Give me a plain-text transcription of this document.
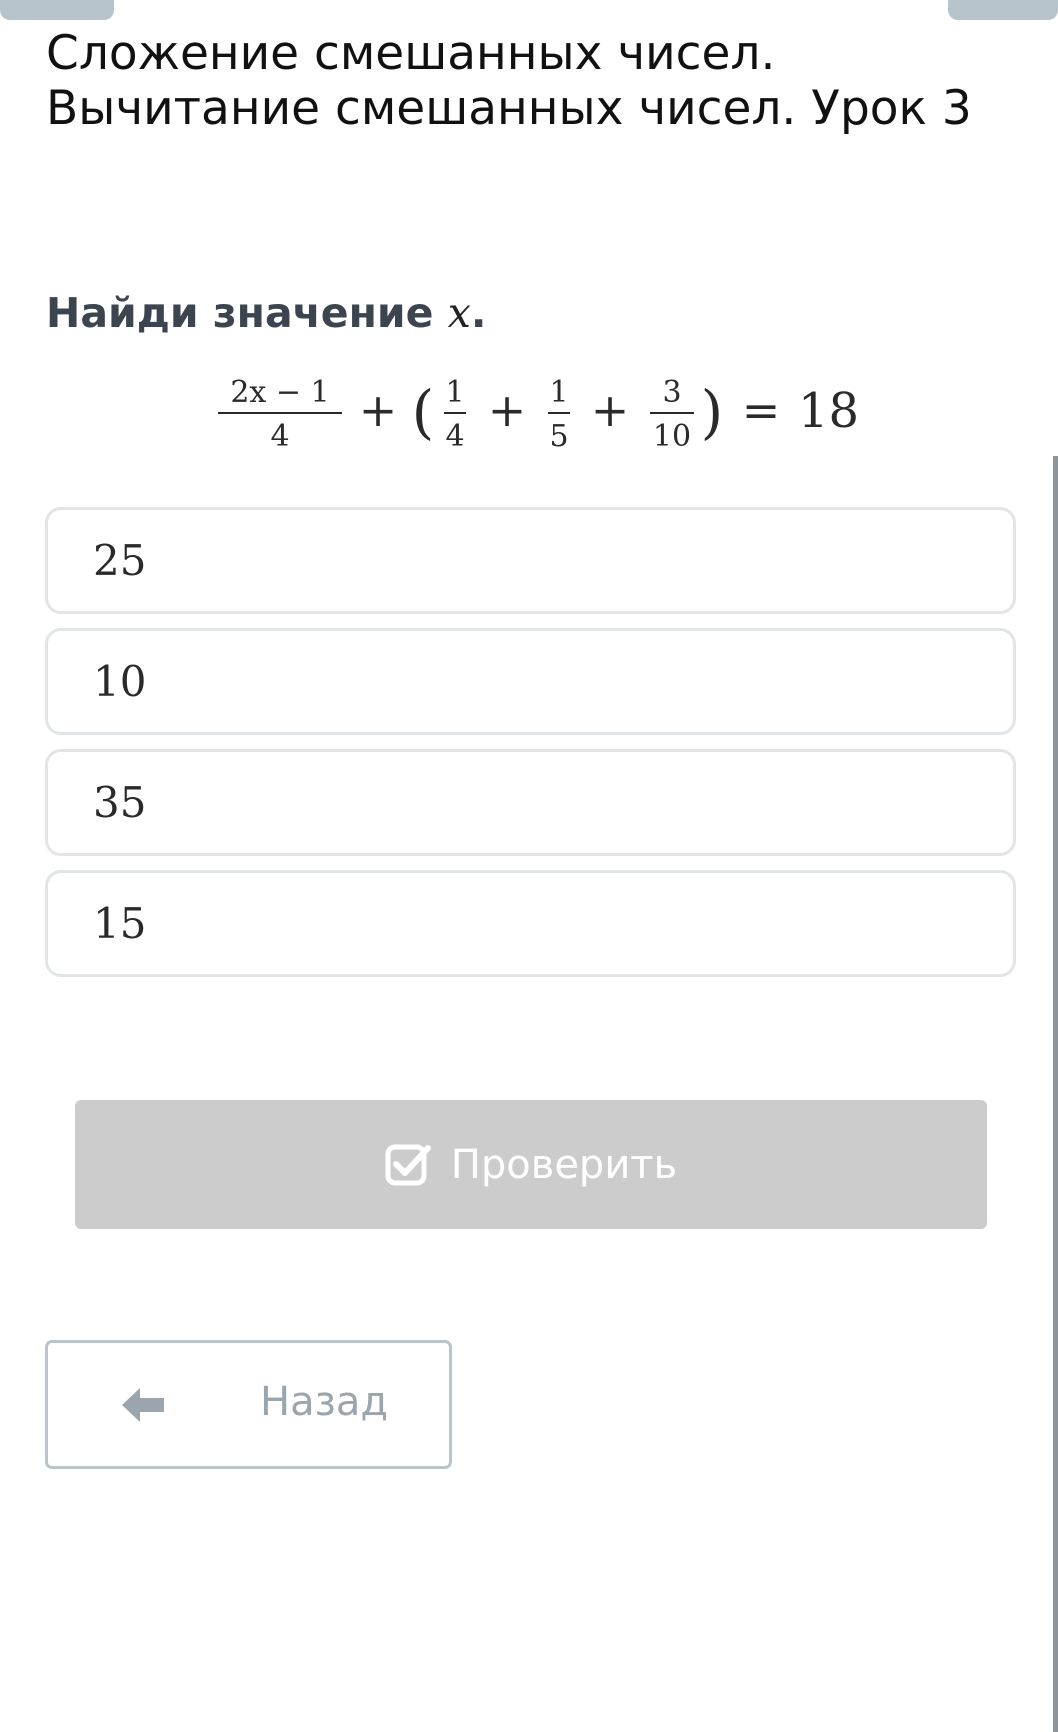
Сложение смешанных чисел. Вычитание смешанных чисел. Урок 3

Найди значение x.

2x − 1
4 + ( 1
4 + 1
5 + 3
10 ) = 18
25
10
35
15
Проверить
Назад
